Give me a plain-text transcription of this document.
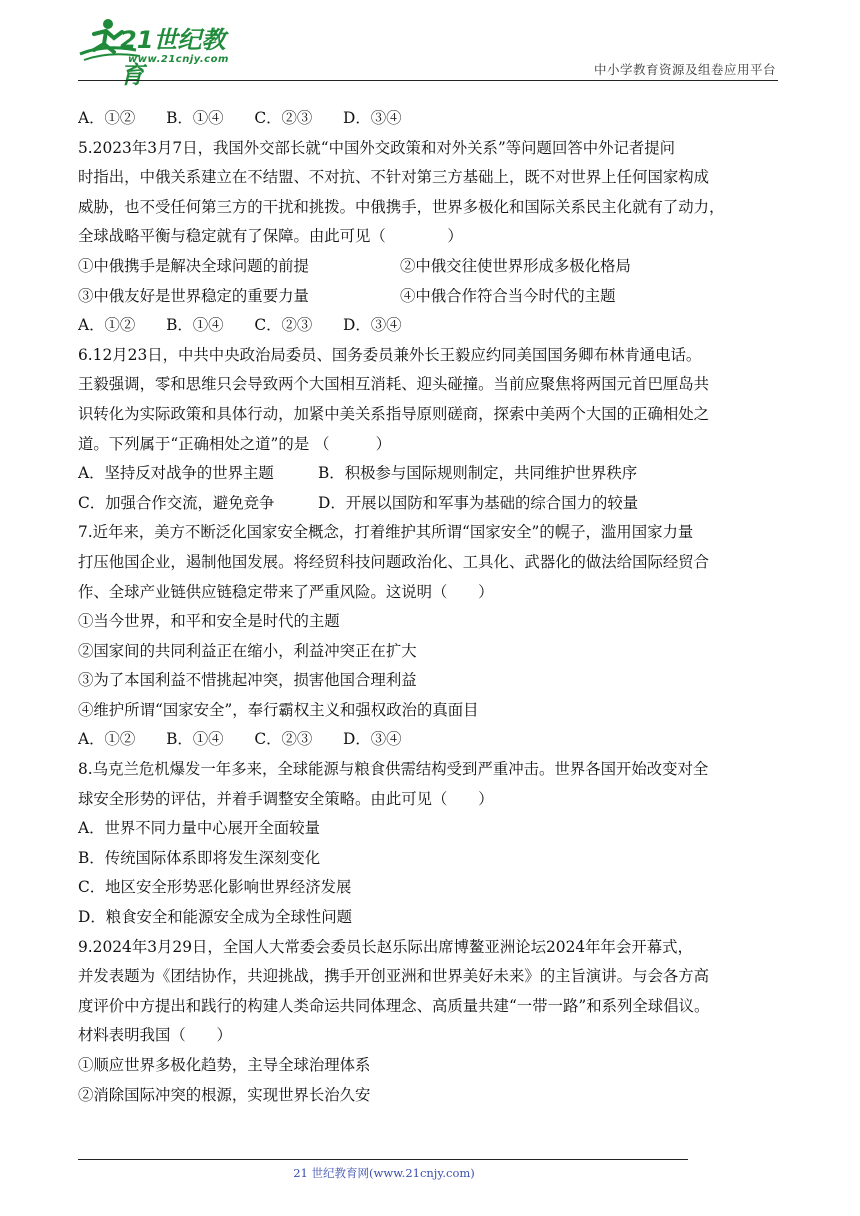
21世纪教育
www.21cnjy.com
中小学教育资源及组卷应用平台
A．①②　　B．①④　　C．②③　　D．③④
5.2023年3月7日，我国外交部长就“中国外交政策和对外关系”等问题回答中外记者提问
时指出，中俄关系建立在不结盟、不对抗、不针对第三方基础上，既不对世界上任何国家构成
威胁，也不受任何第三方的干扰和挑拨。中俄携手，世界多极化和国际关系民主化就有了动力，
全球战略平衡与稳定就有了保障。由此可见（　　　　）
①中俄携手是解决全球问题的前提	②中俄交往使世界形成多极化格局
③中俄友好是世界稳定的重要力量	④中俄合作符合当今时代的主题
A．①②　　B．①④　　C．②③　　D．③④
6.12月23日，中共中央政治局委员、国务委员兼外长王毅应约同美国国务卿布林肯通电话。
王毅强调，零和思维只会导致两个大国相互消耗、迎头碰撞。当前应聚焦将两国元首巴厘岛共
识转化为实际政策和具体行动，加紧中美关系指导原则磋商，探索中美两个大国的正确相处之
道。下列属于“正确相处之道”的是 （　　　）
A．坚持反对战争的世界主题	B．积极参与国际规则制定，共同维护世界秩序
C．加强合作交流，避免竞争	D．开展以国防和军事为基础的综合国力的较量
7.近年来，美方不断泛化国家安全概念，打着维护其所谓“国家安全”的幌子，滥用国家力量
打压他国企业，遏制他国发展。将经贸科技问题政治化、工具化、武器化的做法给国际经贸合
作、全球产业链供应链稳定带来了严重风险。这说明（　　）
①当今世界，和平和安全是时代的主题
②国家间的共同利益正在缩小，利益冲突正在扩大
③为了本国利益不惜挑起冲突，损害他国合理利益
④维护所谓“国家安全”，奉行霸权主义和强权政治的真面目
A．①②　　B．①④　　C．②③　　D．③④
8.乌克兰危机爆发一年多来，全球能源与粮食供需结构受到严重冲击。世界各国开始改变对全
球安全形势的评估，并着手调整安全策略。由此可见（　　）
A．世界不同力量中心展开全面较量
B．传统国际体系即将发生深刻变化
C．地区安全形势恶化影响世界经济发展
D．粮食安全和能源安全成为全球性问题
9.2024年3月29日，全国人大常委会委员长赵乐际出席博鳌亚洲论坛2024年年会开幕式，
并发表题为《团结协作，共迎挑战，携手开创亚洲和世界美好未来》的主旨演讲。与会各方高
度评价中方提出和践行的构建人类命运共同体理念、高质量共建“一带一路”和系列全球倡议。
材料表明我国（　　）
①顺应世界多极化趋势，主导全球治理体系
②消除国际冲突的根源，实现世界长治久安
21 世纪教育网(www.21cnjy.com)
